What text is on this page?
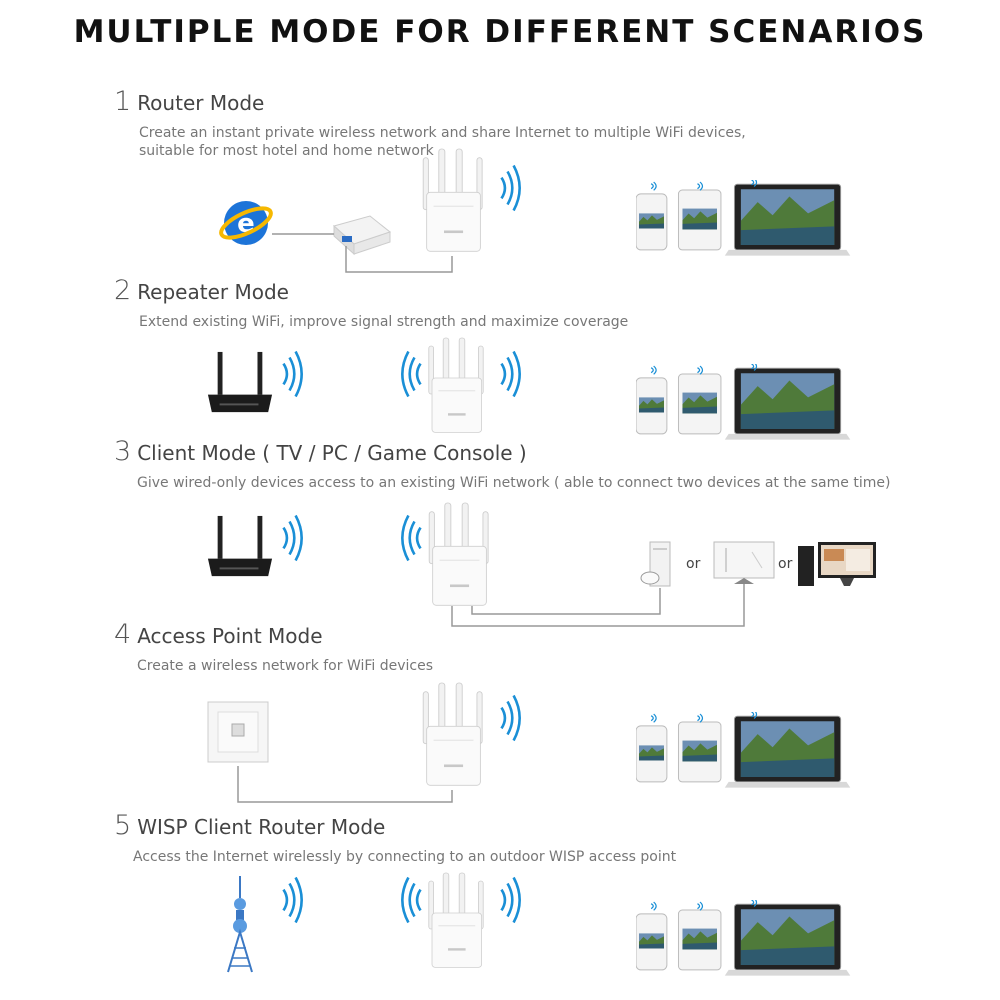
MULTIPLE MODE FOR DIFFERENT SCENARIOS
1 Router Mode
Create an instant private wireless network and share Internet to multiple WiFi devices,
suitable for most hotel and home network
e
2 Repeater Mode
Extend existing WiFi, improve signal strength and maximize coverage
3 Client Mode ( TV / PC / Game Console )
Give wired-only devices access to an existing WiFi network ( able to connect two devices at the same time)
or	or
4 Access Point Mode
Create a wireless network for WiFi devices
5 WISP Client Router Mode
Access the Internet wirelessly by connecting to an outdoor WISP access point
